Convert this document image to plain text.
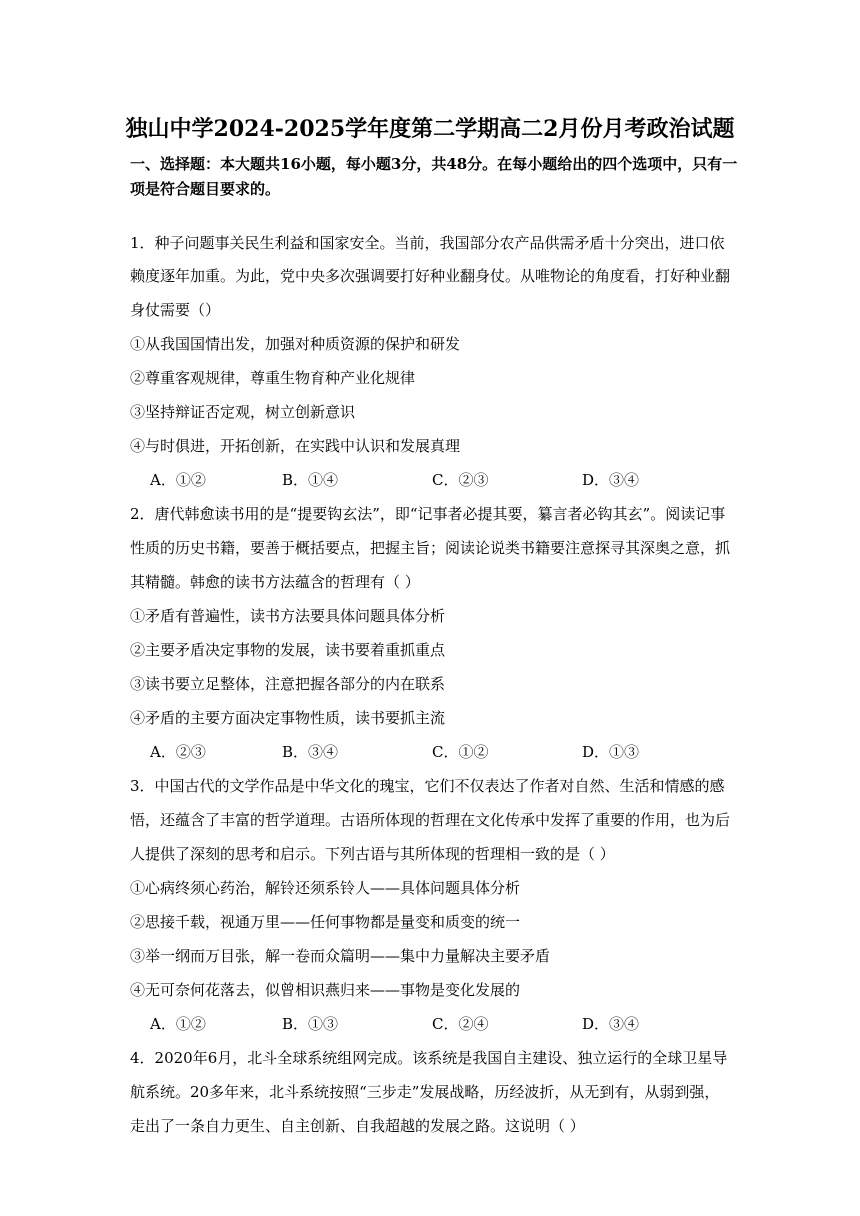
独山中学2024-2025学年度第二学期高二2月份月考政治试题
一、选择题：本大题共16小题，每小题3分，共48分。在每小题给出的四个选项中，只有一项是符合题目要求的。
1．种子问题事关民生利益和国家安全。当前，我国部分农产品供需矛盾十分突出，进口依
赖度逐年加重。为此，党中央多次强调要打好种业翻身仗。从唯物论的角度看，打好种业翻
身仗需要（）
①从我国国情出发，加强对种质资源的保护和研发
②尊重客观规律，尊重生物育种产业化规律
③坚持辩证否定观，树立创新意识
④与时俱进，开拓创新，在实践中认识和发展真理
A．①②	B．①④	C．②③	D．③④
2．唐代韩愈读书用的是“提要钩玄法”，即“记事者必提其要，纂言者必钩其玄”。阅读记事
性质的历史书籍，要善于概括要点，把握主旨；阅读论说类书籍要注意探寻其深奥之意，抓
其精髓。韩愈的读书方法蕴含的哲理有（ ）
①矛盾有普遍性，读书方法要具体问题具体分析
②主要矛盾决定事物的发展，读书要着重抓重点
③读书要立足整体，注意把握各部分的内在联系
④矛盾的主要方面决定事物性质，读书要抓主流
A．②③	B．③④	C．①②	D．①③
3．中国古代的文学作品是中华文化的瑰宝，它们不仅表达了作者对自然、生活和情感的感
悟，还蕴含了丰富的哲学道理。古语所体现的哲理在文化传承中发挥了重要的作用，也为后
人提供了深刻的思考和启示。下列古语与其所体现的哲理相一致的是（ ）
①心病终须心药治，解铃还须系铃人——具体问题具体分析
②思接千载，视通万里——任何事物都是量变和质变的统一
③举一纲而万目张，解一卷而众篇明——集中力量解决主要矛盾
④无可奈何花落去，似曾相识燕归来——事物是变化发展的
A．①②	B．①③	C．②④	D．③④
4．2020年6月，北斗全球系统组网完成。该系统是我国自主建设、独立运行的全球卫星导
航系统。20多年来，北斗系统按照“三步走”发展战略，历经波折，从无到有，从弱到强，
走出了一条自力更生、自主创新、自我超越的发展之路。这说明（ ）
